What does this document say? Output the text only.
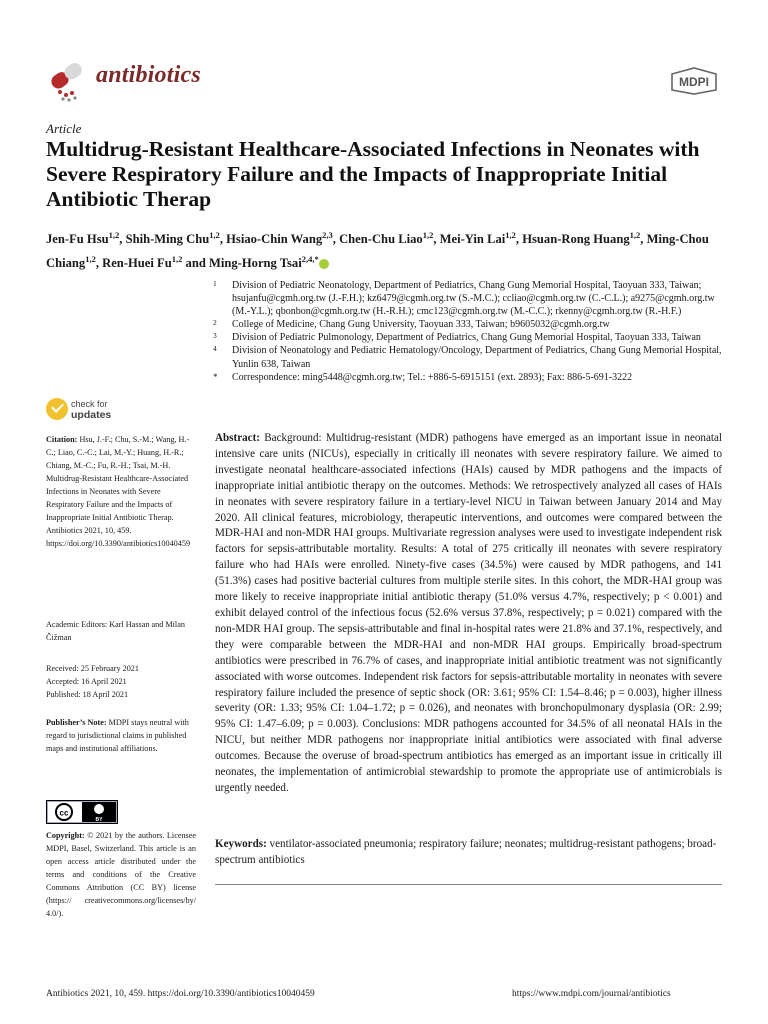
antibiotics	MDPI
Article
Multidrug-Resistant Healthcare-Associated Infections in Neonates with Severe Respiratory Failure and the Impacts of Inappropriate Initial Antibiotic Therap
Jen-Fu Hsu$^{1,2}$, Shih-Ming Chu$^{1,2}$, Hsiao-Chin Wang$^{2,3}$, Chen-Chu Liao$^{1,2}$, Mei-Yin Lai$^{1,2}$, Hsuan-Rong Huang$^{1,2}$, Ming-Chou Chiang$^{1,2}$, Ren-Huei Fu$^{1,2}$ and Ming-Horng Tsai$^{2,4,*}$
1 Division of Pediatric Neonatology, Department of Pediatrics, Chang Gung Memorial Hospital, Taoyuan 333, Taiwan; hsujanfu@cgmh.org.tw (J.-F.H.); kz6479@cgmh.org.tw (S.-M.C.); ccliao@cgmh.org.tw (C.-C.L.); a9275@cgmh.org.tw (M.-Y.L.); qbonbon@cgmh.org.tw (H.-R.H.); cmc123@cgmh.org.tw (M.-C.C.); rkenny@cgmh.org.tw (R.-H.F.)
2 College of Medicine, Chang Gung University, Taoyuan 333, Taiwan; b9605032@cgmh.org.tw
3 Division of Pediatric Pulmonology, Department of Pediatrics, Chang Gung Memorial Hospital, Taoyuan 333, Taiwan
4 Division of Neonatology and Pediatric Hematology/Oncology, Department of Pediatrics, Chang Gung Memorial Hospital, Yunlin 638, Taiwan
* Correspondence: ming5448@cgmh.org.tw; Tel.: +886-5-6915151 (ext. 2893); Fax: 886-5-691-3222
check for
updates
Citation: Hsu, J.-F.; Chu, S.-M.; Wang, H.-C.; Liao, C.-C.; Lai, M.-Y.; Huang, H.-R.; Chiang, M.-C.; Fu, R.-H.; Tsai, M.-H. Multidrug-Resistant Healthcare-Associated Infections in Neonates with Severe Respiratory Failure and the Impacts of Inappropriate Initial Antibiotic Therap. Antibiotics 2021, 10, 459. https://doi.org/10.3390/antibiotics10040459
Academic Editors: Karl Hassan and Milan Čižman
Received: 25 February 2021
Accepted: 16 April 2021
Published: 18 April 2021
Publisher’s Note: MDPI stays neutral with regard to jurisdictional claims in published maps and institutional affiliations.
cc
BY
Copyright: © 2021 by the authors. Licensee MDPI, Basel, Switzerland. This article is an open access article distributed under the terms and conditions of the Creative Commons Attribution (CC BY) license (https:// creativecommons.org/licenses/by/ 4.0/).
Abstract: Background: Multidrug-resistant (MDR) pathogens have emerged as an important issue in neonatal intensive care units (NICUs), especially in critically ill neonates with severe respiratory failure. We aimed to investigate neonatal healthcare-associated infections (HAIs) caused by MDR pathogens and the impacts of inappropriate initial antibiotic therapy on the outcomes. Methods: We retrospectively analyzed all cases of HAIs in neonates with severe respiratory failure in a tertiary-level NICU in Taiwan between January 2014 and May 2020. All clinical features, microbiology, therapeutic interventions, and outcomes were compared between the MDR-HAI and non-MDR HAI groups. Multivariate regression analyses were used to investigate independent risk factors for sepsis-attributable mortality. Results: A total of 275 critically ill neonates with severe respiratory failure who had HAIs were enrolled. Ninety-five cases (34.5%) were caused by MDR pathogens, and 141 (51.3%) cases had positive bacterial cultures from multiple sterile sites. In this cohort, the MDR-HAI group was more likely to receive inappropriate initial antibiotic therapy (51.0% versus 4.7%, respectively; p < 0.001) and exhibit delayed control of the infectious focus (52.6% versus 37.8%, respectively; p = 0.021) compared with the non-MDR HAI group. The sepsis-attributable and final in-hospital rates were 21.8% and 37.1%, respectively, and they were comparable between the MDR-HAI and non-MDR HAI groups. Empirically broad-spectrum antibiotics were prescribed in 76.7% of cases, and inappropriate initial antibiotic treatment was not significantly associated with worse outcomes. Independent risk factors for sepsis-attributable mortality in neonates with severe respiratory failure included the presence of septic shock (OR: 3.61; 95% CI: 1.54–8.46; p = 0.003), higher illness severity (OR: 1.33; 95% CI: 1.04–1.72; p = 0.026), and neonates with bronchopulmonary dysplasia (OR: 2.99; 95% CI: 1.47–6.09; p = 0.003). Conclusions: MDR pathogens accounted for 34.5% of all neonatal HAIs in the NICU, but neither MDR pathogens nor inappropriate initial antibiotics were associated with final adverse outcomes. Because the overuse of broad-spectrum antibiotics has emerged as an important issue in critically ill neonates, the implementation of antimicrobial stewardship to promote the appropriate use of antimicrobials is urgently needed.
Keywords: ventilator-associated pneumonia; respiratory failure; neonates; multidrug-resistant pathogens; broad-spectrum antibiotics
Antibiotics 2021, 10, 459. https://doi.org/10.3390/antibiotics10040459	https://www.mdpi.com/journal/antibiotics
